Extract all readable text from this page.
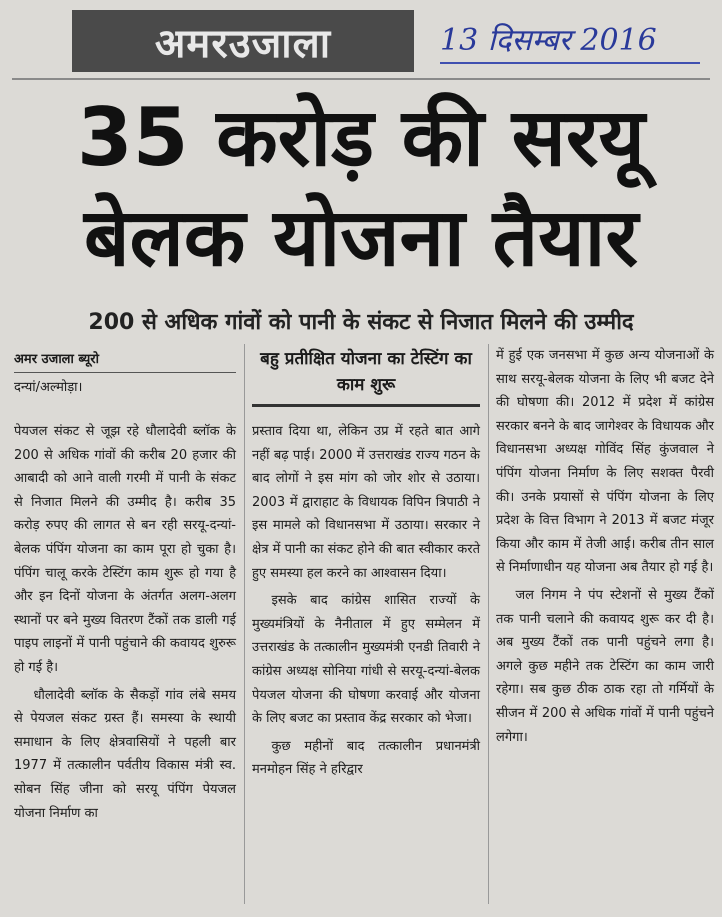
अमरउजाला	13 दिसम्बर 2016
35 करोड़ की सरयू
बेलक योजना तैयार
200 से अधिक गांवों को पानी के संकट से निजात मिलने की उम्मीद
अमर उजाला ब्यूरो
दन्यां/अल्मोड़ा।
बहु प्रतीक्षित योजना का टेस्टिंग का काम शुरू

पेयजल संकट से जूझ रहे धौलादेवी ब्लॉक के 200 से अधिक गांवों की करीब 20 हजार की आबादी को आने वाली गरमी में पानी के संकट से निजात मिलने की उम्मीद है। करीब 35 करोड़ रुपए की लागत से बन रही सरयू-दन्यां-बेलक पंपिंग योजना का काम पूरा हो चुका है। पंपिंग चालू करके टेस्टिंग काम शुरू हो गया है और इन दिनों योजना के अंतर्गत अलग-अलग स्थानों पर बने मुख्य वितरण टैंकों तक डाली गई पाइप लाइनों में पानी पहुंचाने की कवायद शुरुरू हो गई है।

धौलादेवी ब्लॉक के सैकड़ों गांव लंबे समय से पेयजल संकट ग्रस्त हैं। समस्या के स्थायी समाधान के लिए क्षेत्रवासियों ने पहली बार 1977 में तत्कालीन पर्वतीय विकास मंत्री स्व. सोबन सिंह जीना को सरयू पंपिंग पेयजल योजना निर्माण का

प्रस्ताव दिया था, लेकिन उप्र में रहते बात आगे नहीं बढ़ पाई। 2000 में उत्तराखंड राज्य गठन के बाद लोगों ने इस मांग को जोर शोर से उठाया। 2003 में द्वाराहाट के विधायक विपिन त्रिपाठी ने इस मामले को विधानसभा में उठाया। सरकार ने क्षेत्र में पानी का संकट होने की बात स्वीकार करते हुए समस्या हल करने का आश्वासन दिया।

इसके बाद कांग्रेस शासित राज्यों के मुख्यमंत्रियों के नैनीताल में हुए सम्मेलन में उत्तराखंड के तत्कालीन मुख्यमंत्री एनडी तिवारी ने कांग्रेस अध्यक्ष सोनिया गांधी से सरयू-दन्यां-बेलक पेयजल योजना की घोषणा करवाई और योजना के लिए बजट का प्रस्ताव केंद्र सरकार को भेजा।

कुछ महीनों बाद तत्कालीन प्रधानमंत्री मनमोहन सिंह ने हरिद्वार

में हुई एक जनसभा में कुछ अन्य योजनाओं के साथ सरयू-बेलक योजना के लिए भी बजट देने की घोषणा की। 2012 में प्रदेश में कांग्रेस सरकार बनने के बाद जागेश्वर के विधायक और विधानसभा अध्यक्ष गोविंद सिंह कुंजवाल ने पंपिंग योजना निर्माण के लिए सशक्त पैरवी की। उनके प्रयासों से पंपिंग योजना के लिए प्रदेश के वित्त विभाग ने 2013 में बजट मंजूर किया और काम में तेजी आई। करीब तीन साल से निर्माणाधीन यह योजना अब तैयार हो गई है।

जल निगम ने पंप स्टेशनों से मुख्य टैंकों तक पानी चलाने की कवायद शुरू कर दी है। अब मुख्य टैंकों तक पानी पहुंचने लगा है। अगले कुछ महीने तक टेस्टिंग का काम जारी रहेगा। सब कुछ ठीक ठाक रहा तो गर्मियों के सीजन में 200 से अधिक गांवों में पानी पहुंचने लगेगा।
